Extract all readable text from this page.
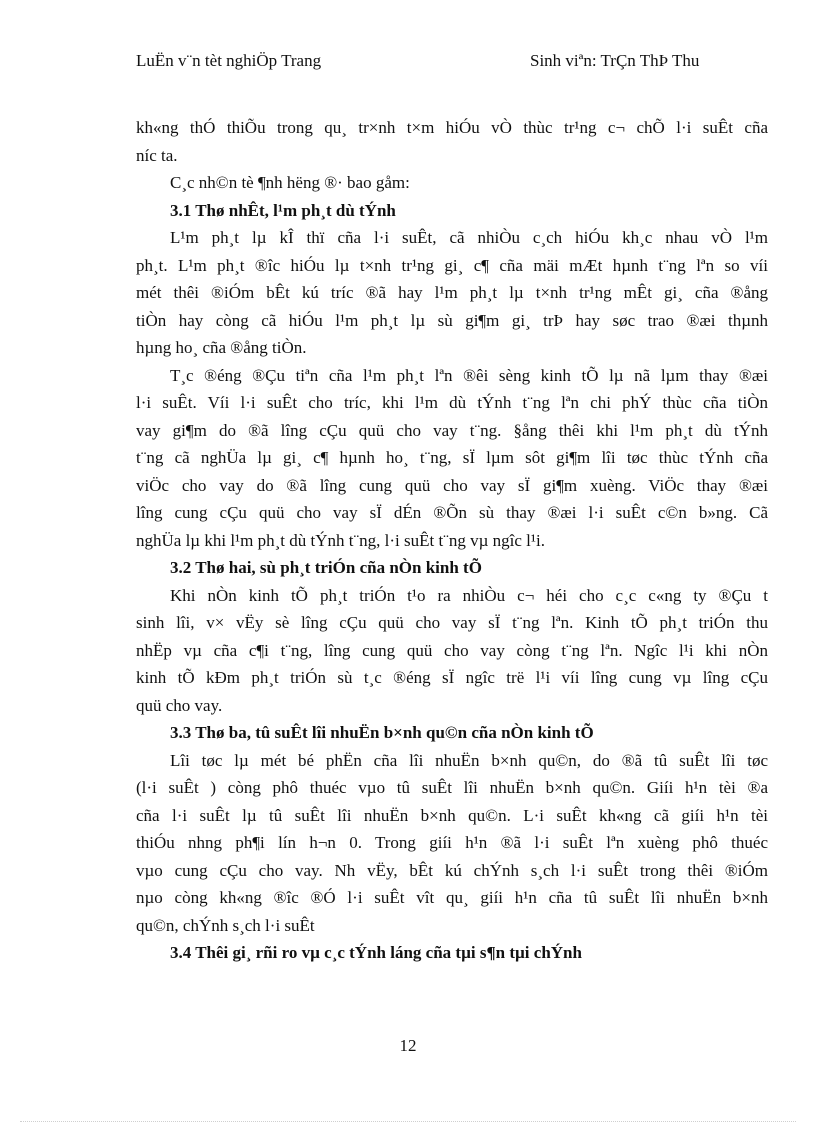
LuËn v¨n tèt nghiÖp Trang	Sinh viªn: TrÇn ThÞ Thu
kh«ng thÓ thiÕu trong qu¸ tr×nh t×m hiÓu vÒ thùc tr¹ng c¬ chÕ l·i suÊt cña
níc ta.
C¸c nh©n tè ¶nh hëng ®· bao gåm:
3.1 Thø nhÊt, l¹m ph¸t dù tÝnh
L¹m ph¸t lµ kÎ thï cña l·i suÊt, cã nhiÒu c¸ch hiÓu kh¸c nhau vÒ l¹m
ph¸t. L¹m ph¸t ®îc hiÓu lµ t×nh tr¹ng gi¸ c¶ cña mäi mÆt hµnh t¨ng lªn so víi
mét thêi ®iÓm bÊt kú tríc ®ã hay l¹m ph¸t lµ t×nh tr¹ng mÊt gi¸ cña ®ång
tiÒn hay còng cã hiÓu l¹m ph¸t lµ sù gi¶m gi¸ trÞ hay søc trao ®æi thµnh
hµng ho¸ cña ®ång tiÒn.
T¸c ®éng ®Çu tiªn cña l¹m ph¸t lªn ®êi sèng kinh tÕ lµ nã lµm thay ®æi
l·i suÊt. Víi l·i suÊt cho tríc, khi l¹m dù tÝnh t¨ng lªn chi phÝ thùc cña tiÒn
vay gi¶m do ®ã lîng cÇu quü cho vay t¨ng. §ång thêi khi l¹m ph¸t dù tÝnh
t¨ng cã nghÜa lµ gi¸ c¶ hµnh ho¸ t¨ng, sÏ lµm sôt gi¶m lîi tøc thùc tÝnh cña
viÖc cho vay do ®ã lîng cung quü cho vay sÏ gi¶m xuèng. ViÖc thay ®æi
lîng cung cÇu quü cho vay sÏ dÉn ®Õn sù thay ®æi l·i suÊt c©n b»ng. Cã
nghÜa lµ khi l¹m ph¸t dù tÝnh t¨ng, l·i suÊt t¨ng vµ ngîc l¹i.
3.2 Thø hai, sù ph¸t triÓn cña nÒn kinh tÕ
Khi nÒn kinh tÕ ph¸t triÓn t¹o ra nhiÒu c¬ héi cho c¸c c«ng ty ®Çu t
sinh lîi, v× vËy sè lîng cÇu quü cho vay sÏ t¨ng lªn. Kinh tÕ ph¸t triÓn thu
nhËp vµ cña c¶i t¨ng, lîng cung quü cho vay còng t¨ng lªn. Ngîc l¹i khi nÒn
kinh tÕ kÐm ph¸t triÓn sù t¸c ®éng sÏ ngîc trë l¹i víi lîng cung vµ lîng cÇu
quü cho vay.
3.3 Thø ba, tû suÊt lîi nhuËn b×nh qu©n cña nÒn kinh tÕ
Lîi tøc lµ mét bé phËn cña lîi nhuËn b×nh qu©n, do ®ã tû suÊt lîi tøc
(l·i suÊt ) còng phô thuéc vµo tû suÊt lîi nhuËn b×nh qu©n. Giíi h¹n tèi ®a
cña l·i suÊt lµ tû suÊt lîi nhuËn b×nh qu©n. L·i suÊt kh«ng cã giíi h¹n tèi
thiÓu nhng ph¶i lín h¬n 0. Trong giíi h¹n ®ã l·i suÊt lªn xuèng phô thuéc
vµo cung cÇu cho vay. Nh vËy, bÊt kú chÝnh s¸ch l·i suÊt trong thêi ®iÓm
nµo còng kh«ng ®îc ®Ó l·i suÊt vît qu¸ giíi h¹n cña tû suÊt lîi nhuËn b×nh
qu©n, chÝnh s¸ch l·i suÊt
3.4 Thêi gi¸ rñi ro vµ c¸c tÝnh láng cña tµi s¶n tµi chÝnh
12
